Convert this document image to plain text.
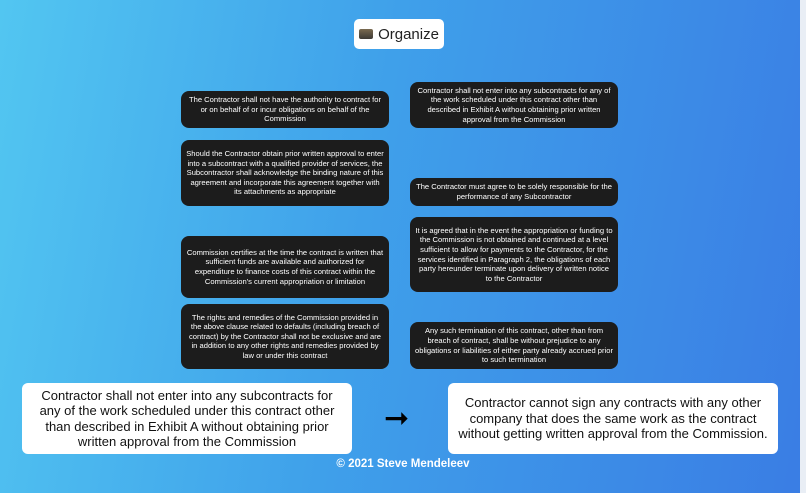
Organize
The Contractor shall not have the authority to contract for or on behalf of or incur obligations on behalf of the Commission
Should the Contractor obtain prior written approval to enter into a subcontract with a qualified provider of services, the Subcontractor shall acknowledge the binding nature of this agreement and incorporate this agreement together with its attachments as appropriate
Commission certifies at the time the contract is written that sufficient funds are available and authorized for expenditure to finance costs of this contract within the Commission's current appropriation or limitation
The rights and remedies of the Commission provided in the above clause related to defaults (including breach of contract) by the Contractor shall not be exclusive and are in addition to any other rights and remedies provided by law or under this contract
Contractor shall not enter into any subcontracts for any of the work scheduled under this contract other than described in Exhibit A without obtaining prior written approval from the Commission
The Contractor must agree to be solely responsible for the performance of any Subcontractor
It is agreed that in the event the appropriation or funding to the Commission is not obtained and continued at a level sufficient to allow for payments to the Contractor, for the services identified in Paragraph 2, the obligations of each party hereunder terminate upon delivery of written notice to the Contractor
Any such termination of this contract, other than from breach of contract, shall be without prejudice to any obligations or liabilities of either party already accrued prior to such termination
Contractor shall not enter into any subcontracts for any of the work scheduled under this contract other than described in Exhibit A without obtaining prior written approval from the Commission
➞	Contractor cannot sign any contracts with any other company that does the same work as the contract without getting written approval from the Commission.
© 2021 Steve Mendeleev
